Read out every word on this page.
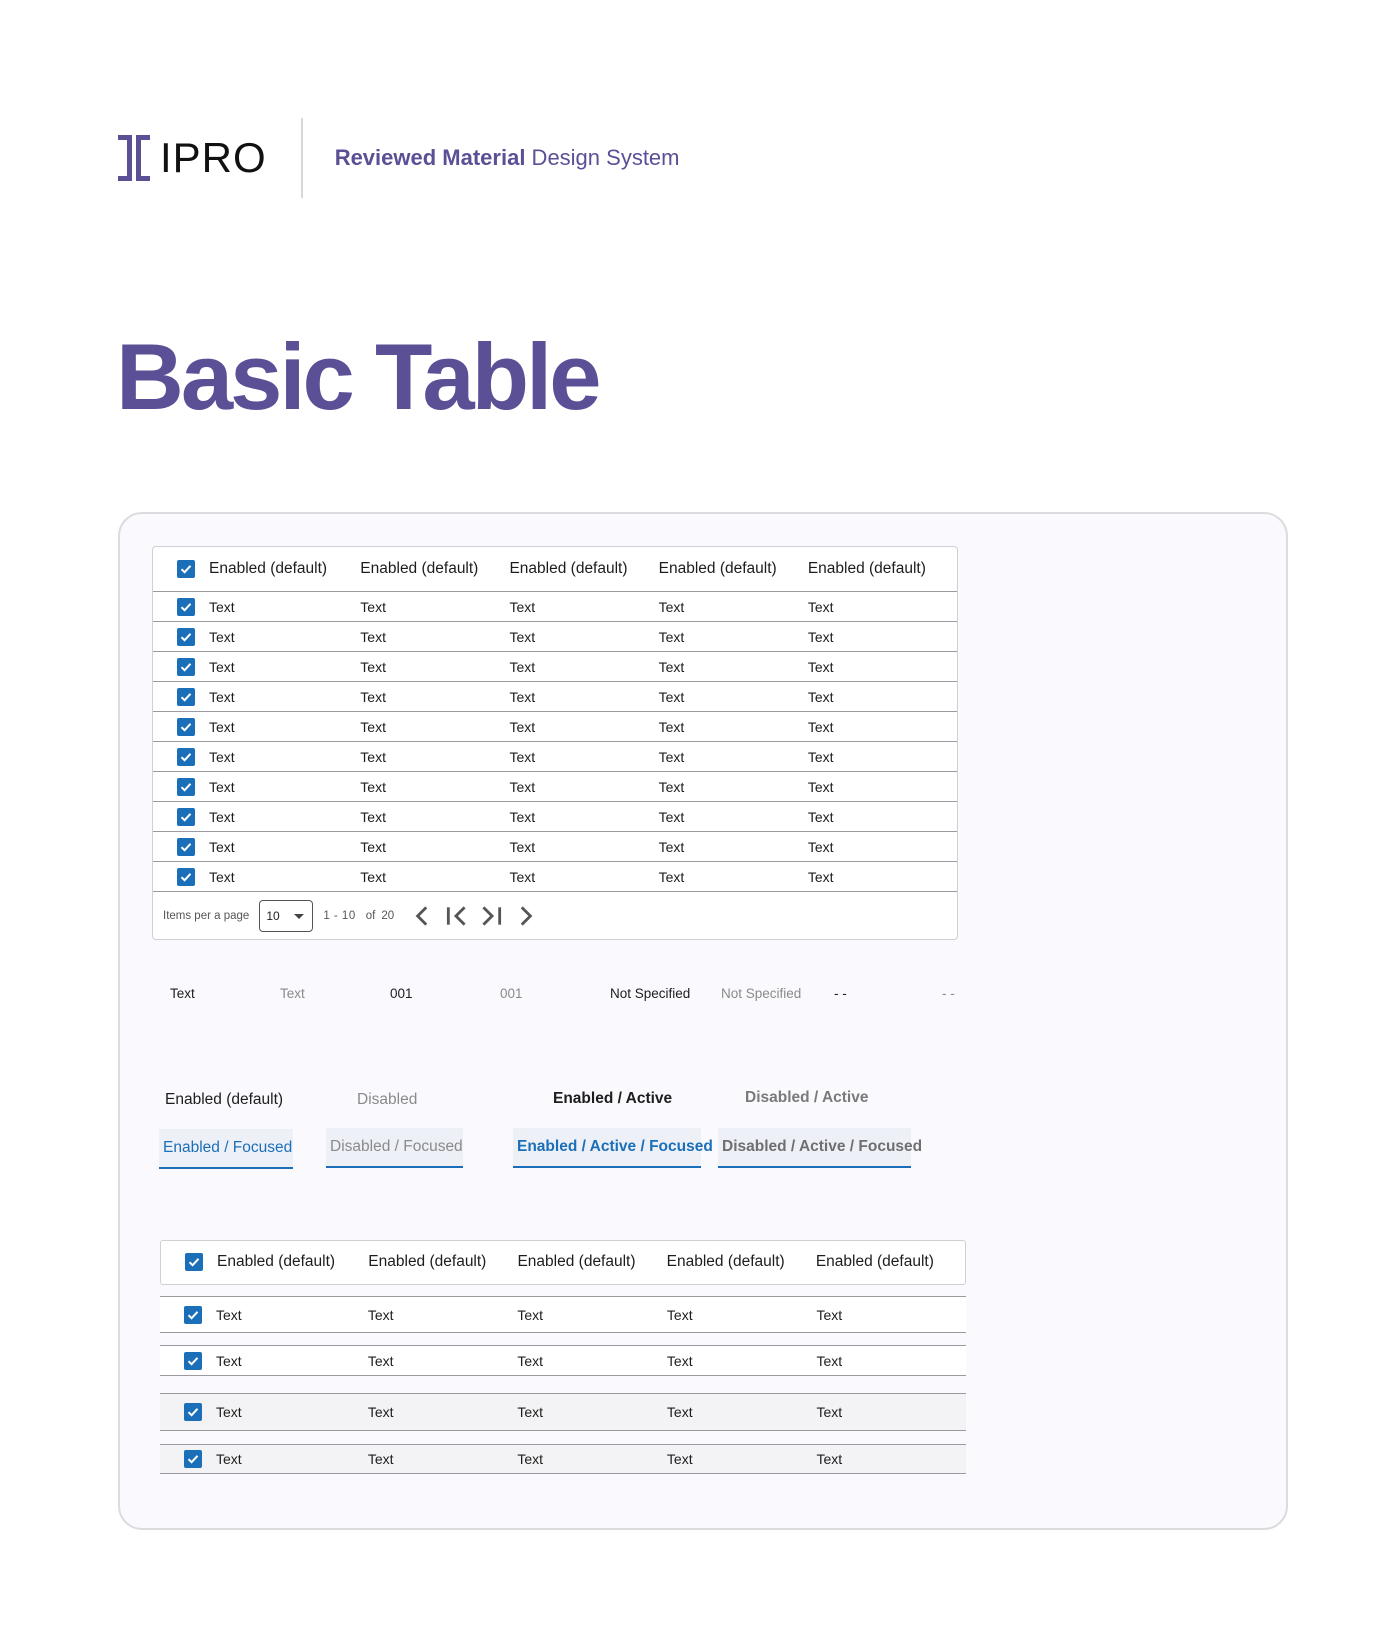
IPRO	Reviewed Material Design System
Basic Table
Enabled (default) Enabled (default)	Enabled (default)	Enabled (default)	Enabled (default)
Text	Text	Text	Text	Text
Text	Text	Text	Text	Text
Text	Text	Text	Text	Text
Text	Text	Text	Text	Text
Text	Text	Text	Text	Text
Text	Text	Text	Text	Text
Text	Text	Text	Text	Text
Text	Text	Text	Text	Text
Text	Text	Text	Text	Text
Text	Text	Text	Text	Text
Items per a page 10	1 - 10 of 20
Text	Text	001	001	Not Specified Not Specified - -	- -
Enabled (default)	Disabled	Enabled / Active	Disabled / Active
Enabled / Focused Disabled / Focused	Enabled / Active / Focused Disabled / Active / Focused
Enabled (default) Enabled (default)	Enabled (default)	Enabled (default)	Enabled (default)
Text	Text	Text	Text	Text
Text	Text	Text	Text	Text
Text	Text	Text	Text	Text
Text	Text	Text	Text	Text
